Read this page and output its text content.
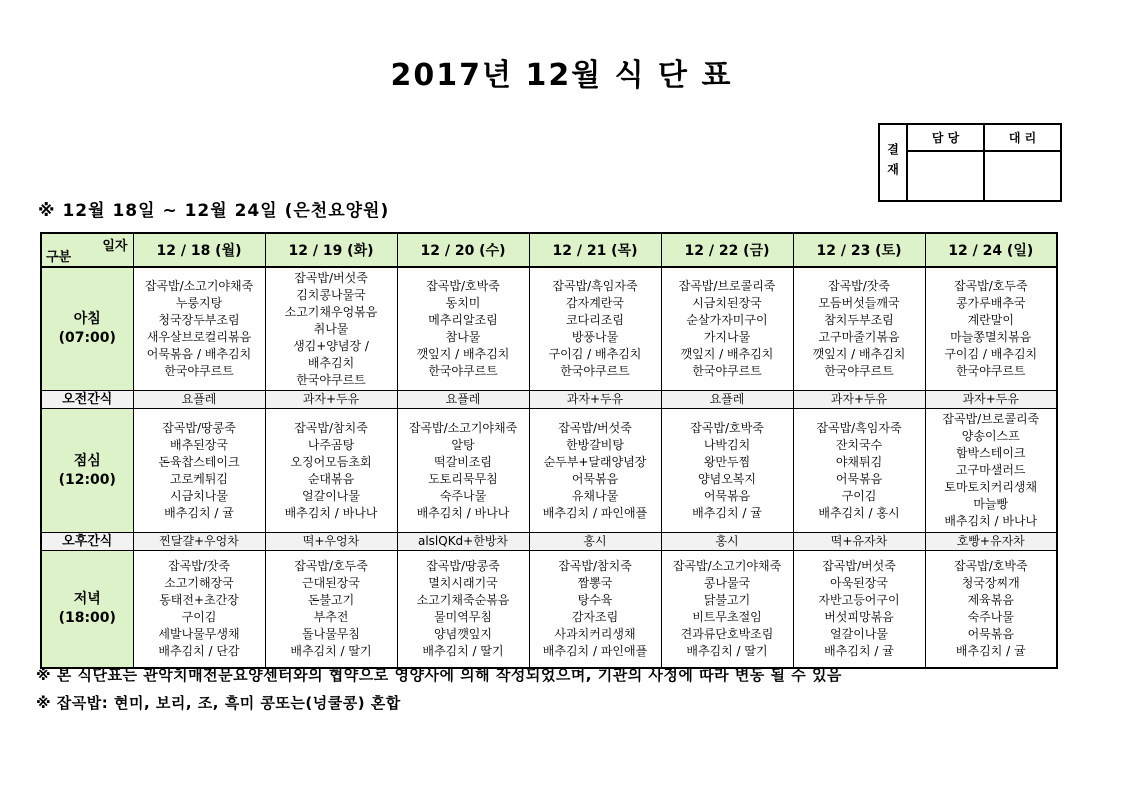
2017년 12월 식 단 표
결재
담 당	대 리
※ 12월 18일 ~ 12월 24일 (은천요양원)
일자
구분	12 / 18 (월)	12 / 19 (화)	12 / 20 (수)	12 / 21 (목)	12 / 22 (금)	12 / 23 (토)	12 / 24 (일)

아침
(07:00)

잡곡밥/소고기야채죽
누룽지탕
청국장두부조림
새우살브로컬리볶음
어묵볶음 / 배추김치
한국야쿠르트

잡곡밥/버섯죽
김치콩나물국
소고기채우엉볶음
취나물
생김+양념장 /
배추김치
한국야쿠르트

잡곡밥/호박죽
동치미
메추리알조림
참나물
깻잎지 / 배추김치
한국야쿠르트

잡곡밥/흑임자죽
감자계란국
코다리조림
방풍나물
구이김 / 배추김치
한국야쿠르트

잡곡밥/브로콜리죽
시금치된장국
순살가자미구이
가지나물
깻잎지 / 배추김치
한국야쿠르트

잡곡밥/잣죽
모듬버섯들깨국
참치두부조림
고구마줄기볶음
깻잎지 / 배추김치
한국야쿠르트

잡곡밥/호두죽
콩가루배추국
계란말이
마늘쫑멸치볶음
구이김 / 배추김치
한국야쿠르트

오전간식	요플레	과자+두유	요플레	과자+두유	요플레	과자+두유	과자+두유

점심
(12:00)

잡곡밥/땅콩죽
배추된장국
돈육찹스테이크
고로케튀김
시금치나물
배추김치 / 귤

잡곡밥/참치죽
나주곰탕
오징어모듬초회
순대볶음
얼갈이나물
배추김치 / 바나나

잡곡밥/소고기야채죽
알탕
떡갈비조림
도토리묵무침
숙주나물
배추김치 / 바나나

잡곡밥/버섯죽
한방갈비탕
순두부+달래양념장
어묵볶음
유채나물
배추김치 / 파인애플

잡곡밥/호박죽
나박김치
왕만두찜
양념오복지
어묵볶음
배추김치 / 귤

잡곡밥/흑임자죽
잔치국수
야채튀김
어묵볶음
구이김
배추김치 / 홍시

잡곡밥/브로콜리죽
양송이스프
함박스테이크
고구마샐러드
토마토치커리생채
마늘빵
배추김치 / 바나나

오후간식	찐달걀+우엉차	떡+우엉차	alslQKd+한방차	홍시	홍시	떡+유자차	호빵+유자차

저녁
(18:00)

잡곡밥/잣죽
소고기해장국
동태전+초간장
구이김
세발나물무생채
배추김치 / 단감

잡곡밥/호두죽
근대된장국
돈불고기
부추전
돌나물무침
배추김치 / 딸기

잡곡밥/땅콩죽
멸치시래기국
소고기채죽순볶음
물미역무침
양념깻잎지
배추김치 / 딸기

잡곡밥/참치죽
짬뽕국
탕수육
감자조림
사과치커리생채
배추김치 / 파인애플

잡곡밥/소고기야채죽
콩나물국
닭불고기
비트무초절임
견과류단호박조림
배추김치 / 딸기

잡곡밥/버섯죽
아욱된장국
자반고등어구이
버섯피망볶음
얼갈이나물
배추김치 / 귤

잡곡밥/호박죽
청국장찌개
제육볶음
숙주나물
어묵볶음
배추김치 / 귤
※ 본 식단표는 관악치매전문요양센터와의 협약으로 영양사에 의해 작성되었으며, 기관의 사정에 따라 변동 될 수 있음
※ 잡곡밥: 현미, 보리, 조, 흑미 콩또는(넝쿨콩) 혼합
